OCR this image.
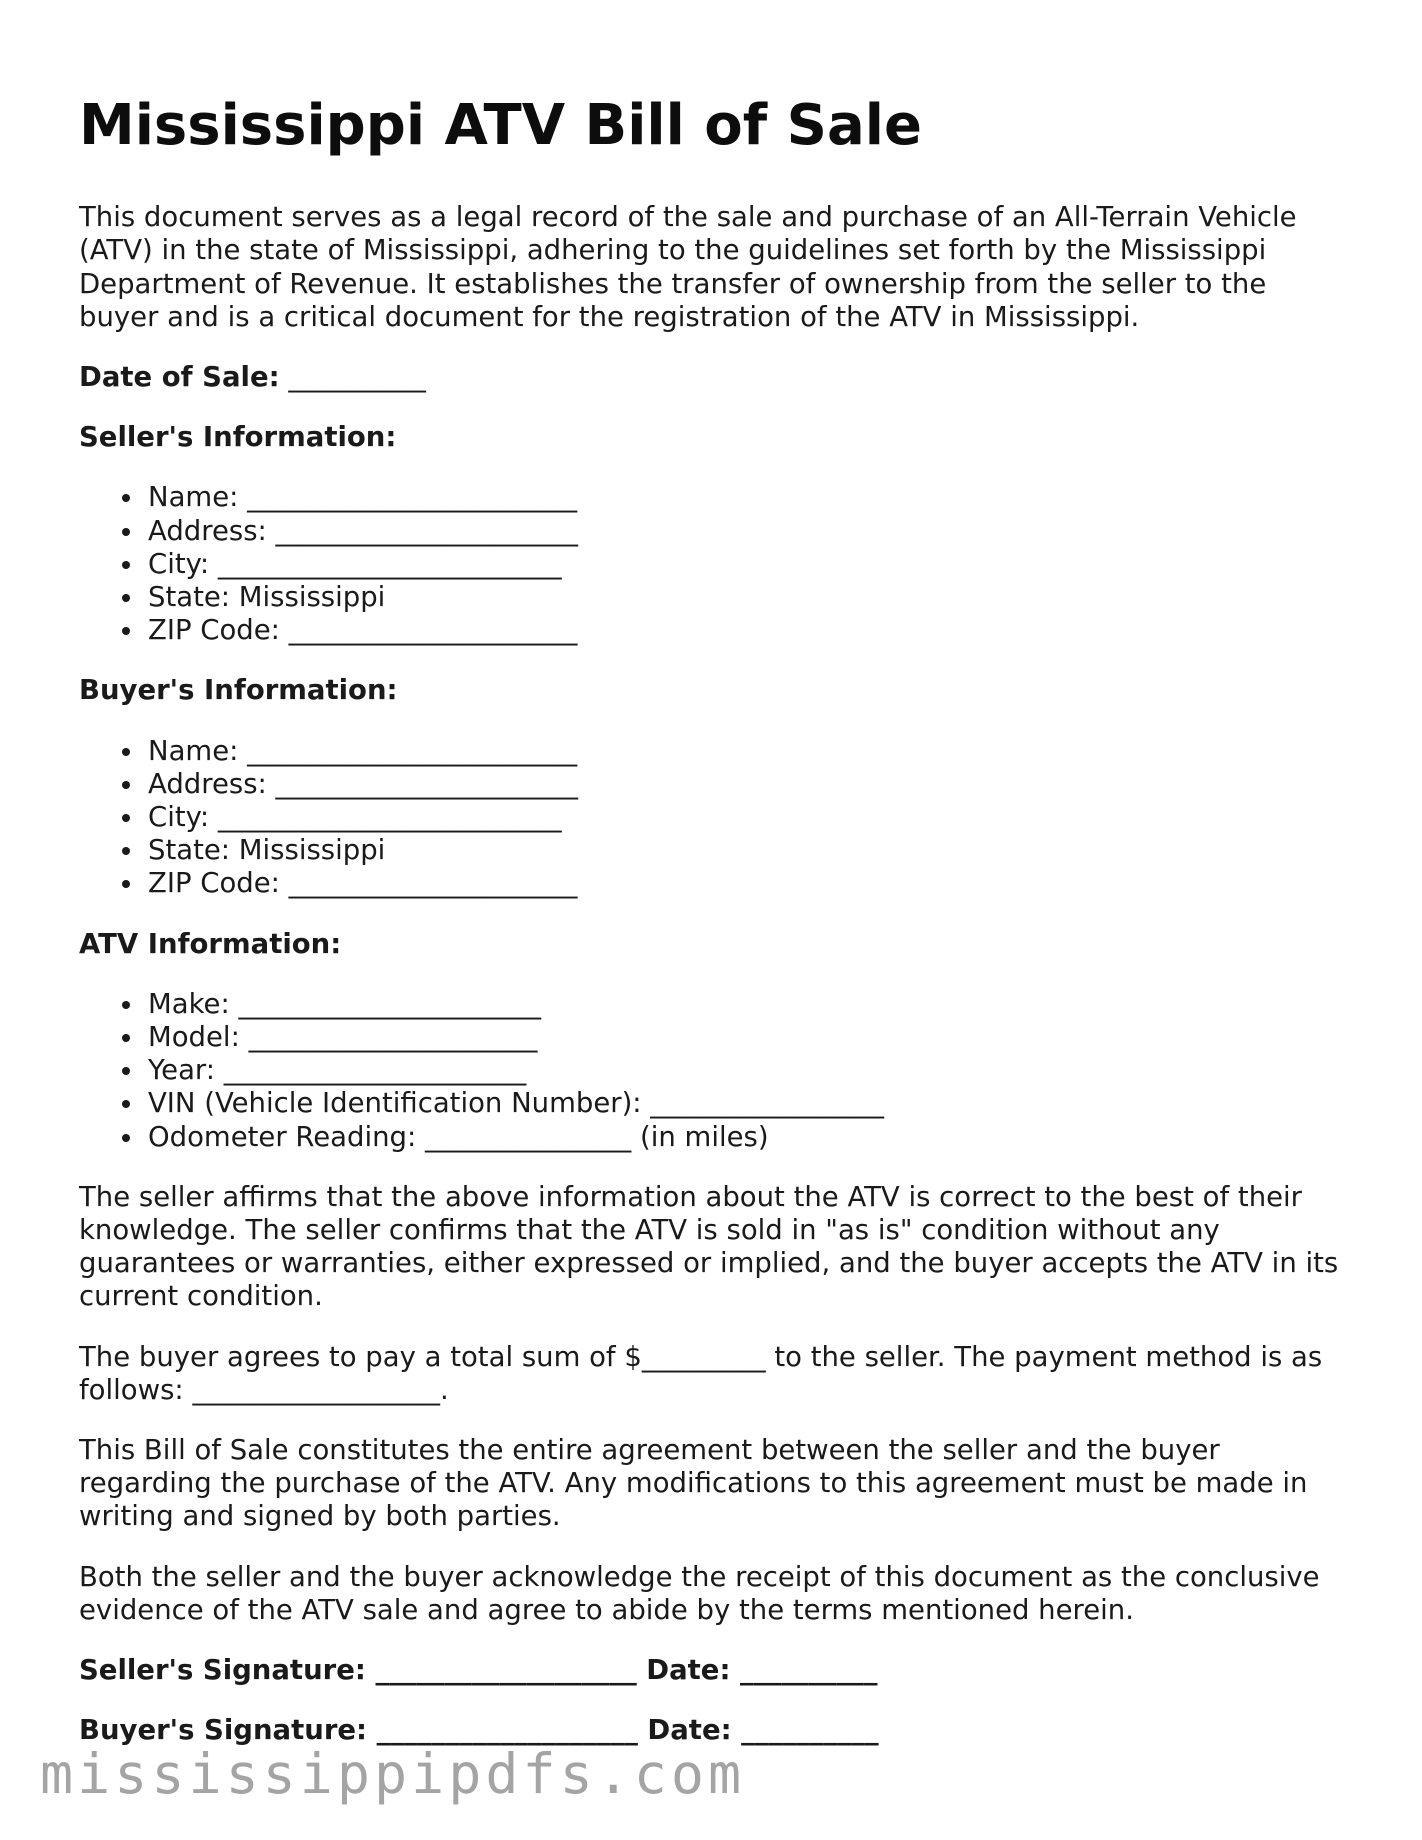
Mississippi ATV Bill of Sale

This document serves as a legal record of the sale and purchase of an All-Terrain Vehicle (ATV) in the state of Mississippi, adhering to the guidelines set forth by the Mississippi Department of Revenue. It establishes the transfer of ownership from the seller to the buyer and is a critical document for the registration of the ATV in Mississippi.

Date of Sale: __________

Seller's Information:

Name: ________________________
Address: ______________________
City: _________________________
State: Mississippi
ZIP Code: _____________________

Buyer's Information:

Name: ________________________
Address: ______________________
City: _________________________
State: Mississippi
ZIP Code: _____________________

ATV Information:

Make: ______________________
Model: _____________________
Year: ______________________
VIN (Vehicle Identification Number): _________________
Odometer Reading: _______________ (in miles)

The seller affirms that the above information about the ATV is correct to the best of their knowledge. The seller confirms that the ATV is sold in "as is" condition without any guarantees or warranties, either expressed or implied, and the buyer accepts the ATV in its current condition.

The buyer agrees to pay a total sum of $_________ to the seller. The payment method is as follows: __________________.

This Bill of Sale constitutes the entire agreement between the seller and the buyer regarding the purchase of the ATV. Any modifications to this agreement must be made in writing and signed by both parties.

Both the seller and the buyer acknowledge the receipt of this document as the conclusive evidence of the ATV sale and agree to abide by the terms mentioned herein.

Seller's Signature: ___________________ Date: __________

Buyer's Signature: ___________________ Date: __________

mississippipdfs.com
